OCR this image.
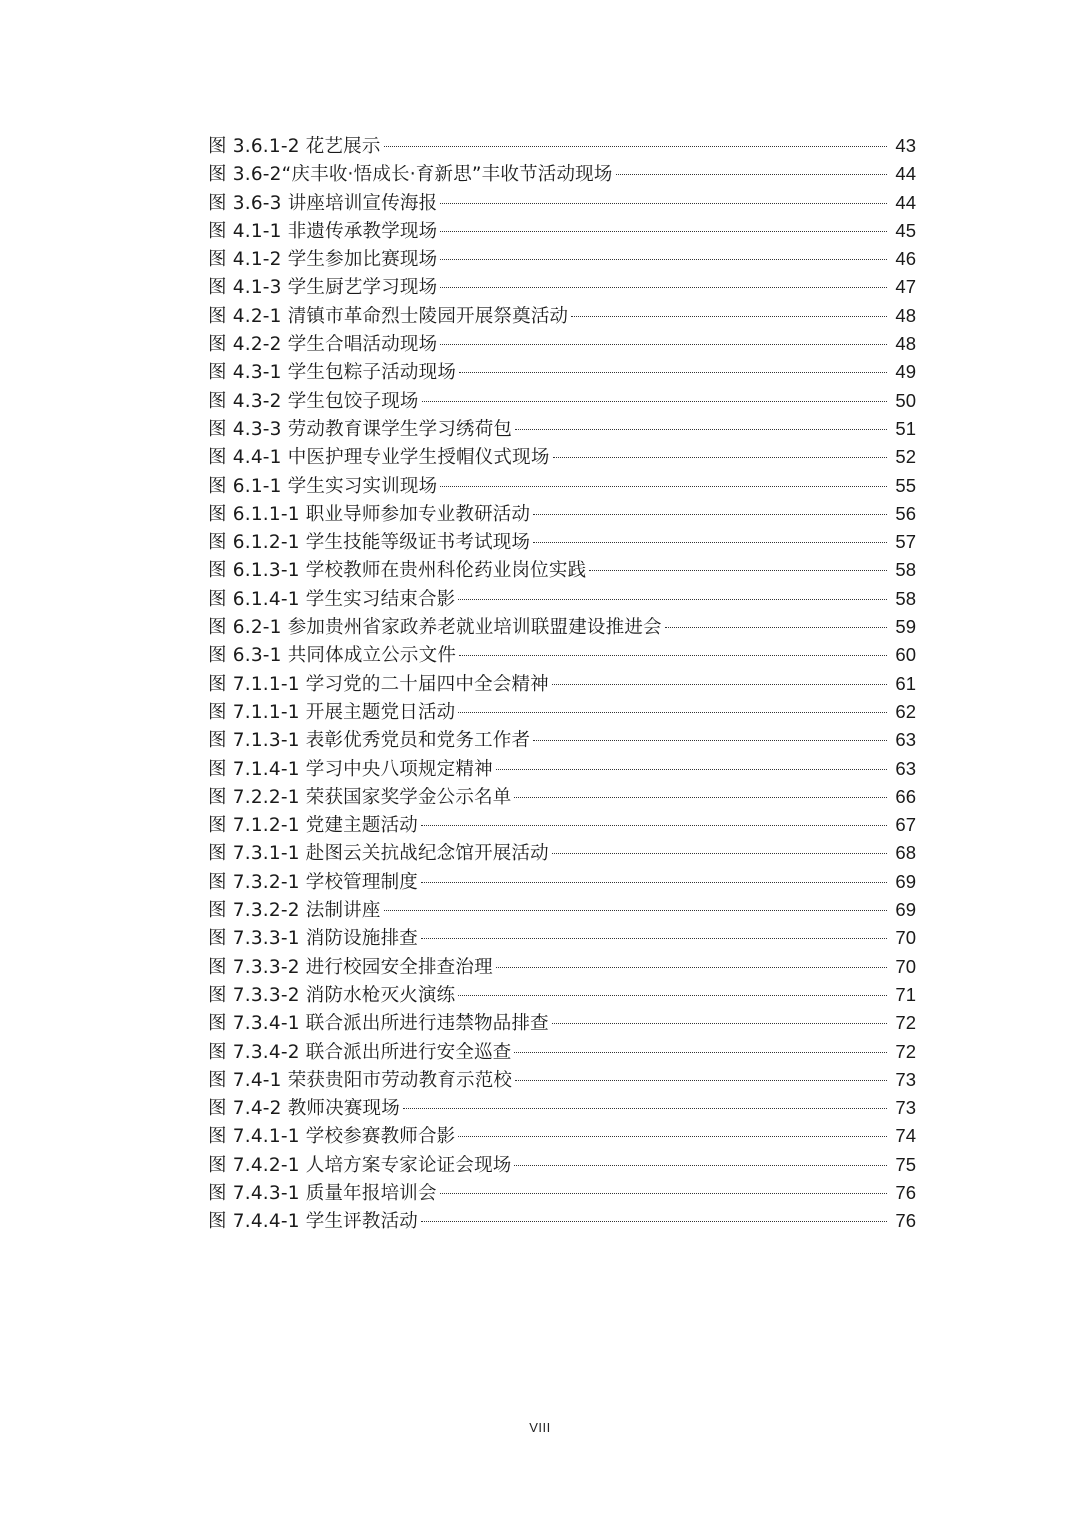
图 3.6.1-2 花艺展示	43
图 3.6-2“庆丰收·悟成长·育新思”丰收节活动现场	44
图 3.6-3 讲座培训宣传海报	44
图 4.1-1 非遗传承教学现场	45
图 4.1-2 学生参加比赛现场	46
图 4.1-3 学生厨艺学习现场	47
图 4.2-1 清镇市革命烈士陵园开展祭奠活动	48
图 4.2-2 学生合唱活动现场	48
图 4.3-1 学生包粽子活动现场	49
图 4.3-2 学生包饺子现场	50
图 4.3-3 劳动教育课学生学习绣荷包	51
图 4.4-1 中医护理专业学生授帽仪式现场	52
图 6.1-1 学生实习实训现场	55
图 6.1.1-1 职业导师参加专业教研活动	56
图 6.1.2-1 学生技能等级证书考试现场	57
图 6.1.3-1 学校教师在贵州科伦药业岗位实践	58
图 6.1.4-1 学生实习结束合影	58
图 6.2-1 参加贵州省家政养老就业培训联盟建设推进会	59
图 6.3-1 共同体成立公示文件	60
图 7.1.1-1 学习党的二十届四中全会精神	61
图 7.1.1-1 开展主题党日活动	62
图 7.1.3-1 表彰优秀党员和党务工作者	63
图 7.1.4-1 学习中央八项规定精神	63
图 7.2.2-1 荣获国家奖学金公示名单	66
图 7.1.2-1 党建主题活动	67
图 7.3.1-1 赴图云关抗战纪念馆开展活动	68
图 7.3.2-1 学校管理制度	69
图 7.3.2-2 法制讲座	69
图 7.3.3-1 消防设施排查	70
图 7.3.3-2 进行校园安全排查治理	70
图 7.3.3-2 消防水枪灭火演练	71
图 7.3.4-1 联合派出所进行违禁物品排查	72
图 7.3.4-2 联合派出所进行安全巡查	72
图 7.4-1 荣获贵阳市劳动教育示范校	73
图 7.4-2 教师决赛现场	73
图 7.4.1-1 学校参赛教师合影	74
图 7.4.2-1 人培方案专家论证会现场	75
图 7.4.3-1 质量年报培训会	76
图 7.4.4-1 学生评教活动	76
VIII
